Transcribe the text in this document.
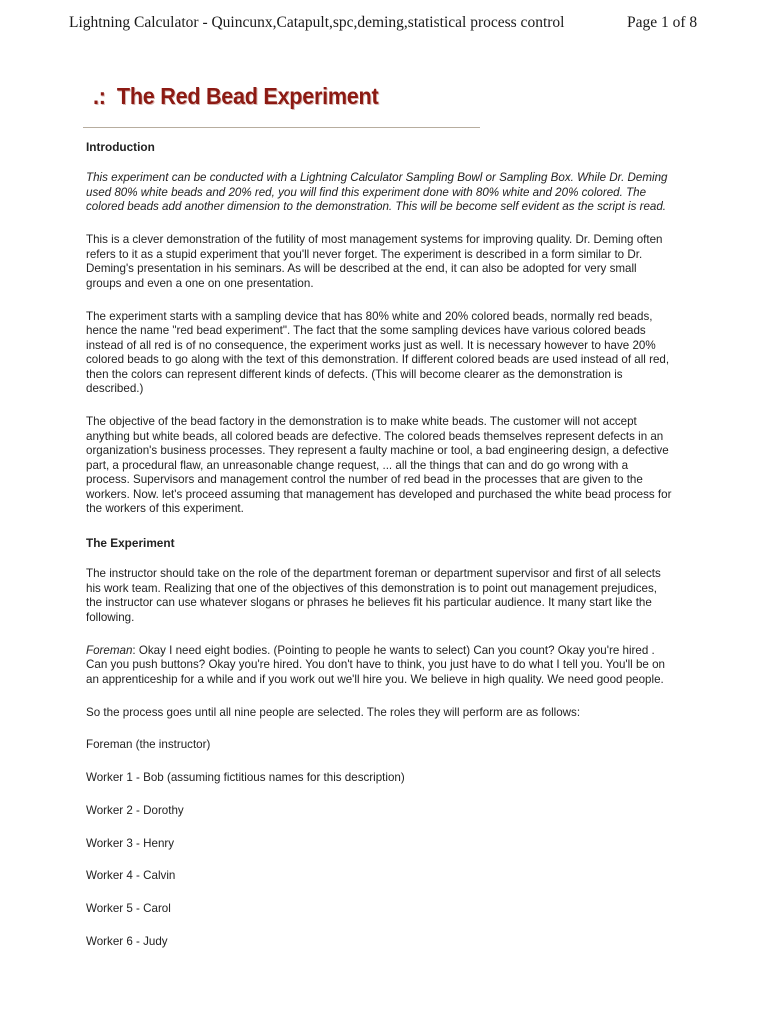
Lightning Calculator - Quincunx,Catapult,spc,deming,statistical process control	Page 1 of 8
.: The Red Bead Experiment
Introduction

This experiment can be conducted with a Lightning Calculator Sampling Bowl or Sampling Box. While Dr. Deming used 80% white beads and 20% red, you will find this experiment done with 80% white and 20% colored. The colored beads add another dimension to the demonstration. This will be become self evident as the script is read.

This is a clever demonstration of the futility of most management systems for improving quality. Dr. Deming often refers to it as a stupid experiment that you'll never forget. The experiment is described in a form similar to Dr. Deming's presentation in his seminars. As will be described at the end, it can also be adopted for very small groups and even a one on one presentation.

The experiment starts with a sampling device that has 80% white and 20% colored beads, normally red beads, hence the name "red bead experiment". The fact that the some sampling devices have various colored beads instead of all red is of no consequence, the experiment works just as well. It is necessary however to have 20% colored beads to go along with the text of this demonstration. If different colored beads are used instead of all red, then the colors can represent different kinds of defects. (This will become clearer as the demonstration is described.)

The objective of the bead factory in the demonstration is to make white beads. The customer will not accept anything but white beads, all colored beads are defective. The colored beads themselves represent defects in an organization's business processes. They represent a faulty machine or tool, a bad engineering design, a defective part, a procedural flaw, an unreasonable change request, ... all the things that can and do go wrong with a process. Supervisors and management control the number of red bead in the processes that are given to the workers. Now. let's proceed assuming that management has developed and purchased the white bead process for the workers of this experiment.

The Experiment

The instructor should take on the role of the department foreman or department supervisor and first of all selects his work team. Realizing that one of the objectives of this demonstration is to point out management prejudices, the instructor can use whatever slogans or phrases he believes fit his particular audience. It many start like the following.

Foreman: Okay I need eight bodies. (Pointing to people he wants to select) Can you count? Okay you're hired . Can you push buttons? Okay you're hired. You don't have to think, you just have to do what I tell you. You'll be on an apprenticeship for a while and if you work out we'll hire you. We believe in high quality. We need good people.

So the process goes until all nine people are selected. The roles they will perform are as follows:

Foreman (the instructor)

Worker 1 - Bob (assuming fictitious names for this description)

Worker 2 - Dorothy

Worker 3 - Henry

Worker 4 - Calvin

Worker 5 - Carol

Worker 6 - Judy
